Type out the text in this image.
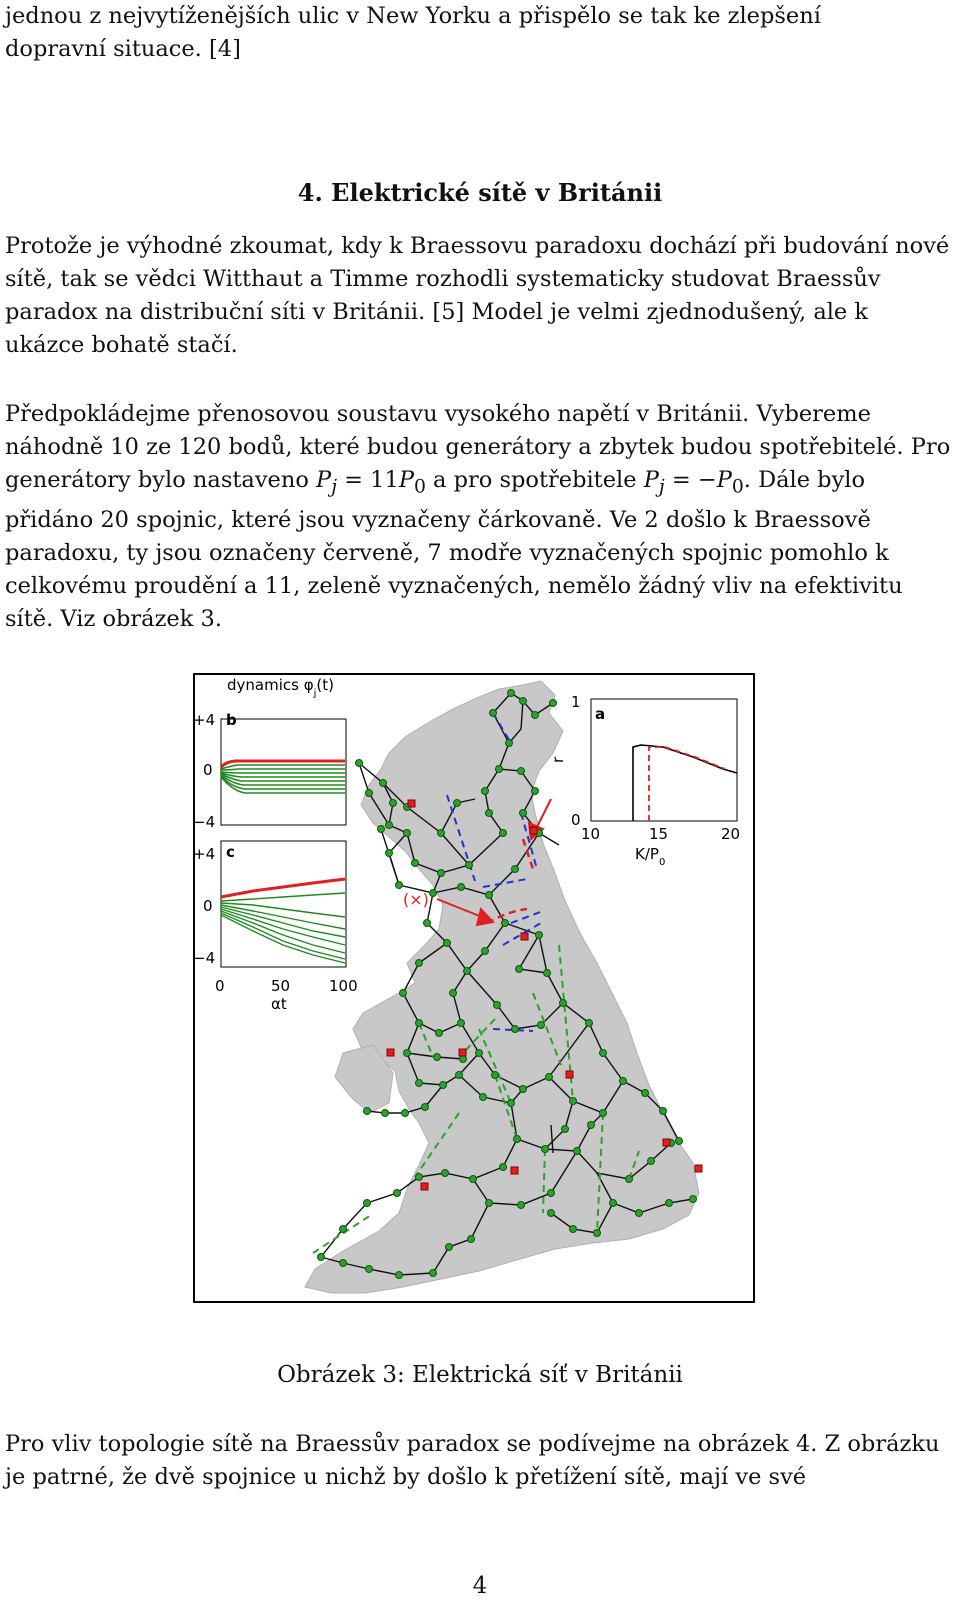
jednou z nejvytíženějších ulic v New Yorku a přispělo se tak ke zlepšení
dopravní situace. [4]

4. Elektrické sítě v Británii

Protože je výhodné zkoumat, kdy k Braessovu paradoxu dochází při budování nové sítě, tak se vědci Witthaut a Timme rozhodli systematicky studovat Braessův paradox na distribuční síti v Británii. [5] Model je velmi zjednodušený, ale k ukázce bohatě stačí.

Předpokládejme přenosovou soustavu vysokého napětí v Británii. Vybereme náhodně 10 ze 120 bodů, které budou generátory a zbytek budou spotřebitelé. Pro generátory bylo nastaveno $P_j = 11P_0$ a pro spotřebitele $P_j = -P_0$. Dále bylo přidáno 20 spojnic, které jsou vyznačeny čárkovaně. Ve 2 došlo k Braessově paradoxu, ty jsou označeny červeně, 7 modře vyznačených spojnic pomohlo k celkovému proudění a 11, zeleně vyznačených, nemělo žádný vliv na efektivitu sítě. Viz obrázek 3.

(×)
dynamics $\varphi_j(t)$
b
+4
0
−4
c
+4
0
−4
0	50	100
αt
a
1
0
r
10	15	20
$K/P_0$
Obrázek 3: Elektrická síť v Británii

Pro vliv topologie sítě na Braessův paradox se podívejme na obrázek 4. Z obrázku je patrné, že dvě spojnice u nichž by došlo k přetížení sítě, mají ve své

4
